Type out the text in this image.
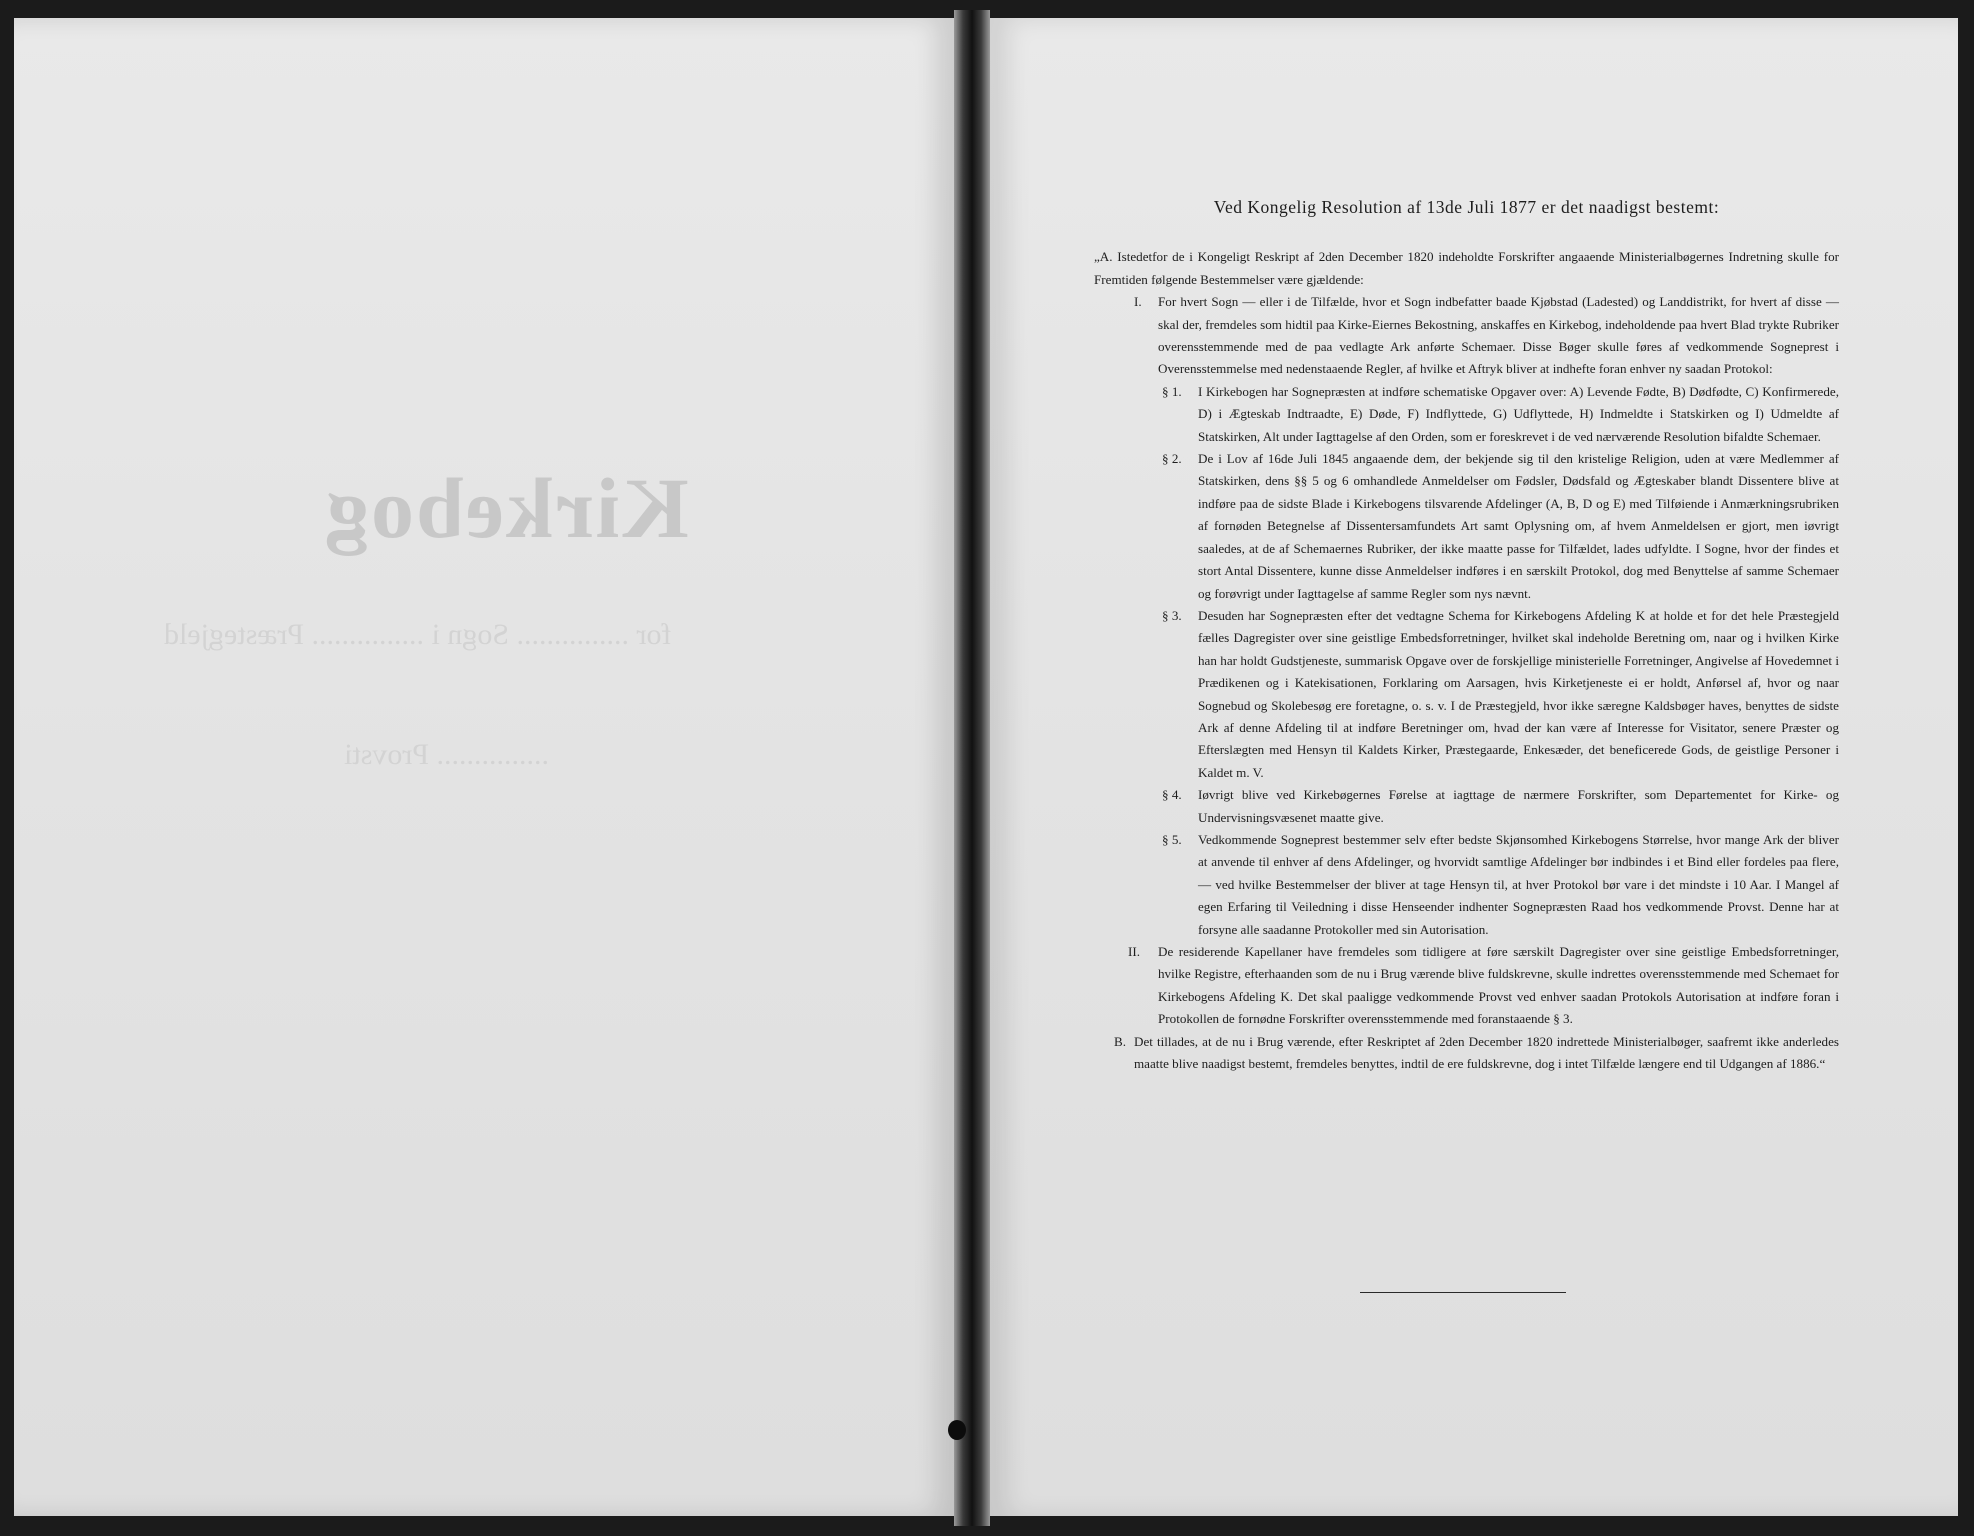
Kirkebog
for ............... Sogn i ............... Præstegjeld
............... Provsti
Ved Kongelig Resolution af 13de Juli 1877 er det naadigst bestemt:
„A. Istedetfor de i Kongeligt Reskript af 2den December 1820 indeholdte Forskrifter angaaende Ministerialbøgernes Indretning skulle for Fremtiden følgende Bestemmelser være gjældende:
I. For hvert Sogn — eller i de Tilfælde, hvor et Sogn indbefatter baade Kjøbstad (Ladested) og Landdistrikt, for hvert af disse — skal der, fremdeles som hidtil paa Kirke-Eiernes Bekostning, anskaffes en Kirkebog, indeholdende paa hvert Blad trykte Rubriker overensstemmende med de paa vedlagte Ark anførte Schemaer. Disse Bøger skulle føres af vedkommende Sogneprest i Overensstemmelse med nedenstaaende Regler, af hvilke et Aftryk bliver at indhefte foran enhver ny saadan Protokol:
§ 1. I Kirkebogen har Sognepræsten at indføre schematiske Opgaver over: A) Levende Fødte, B) Dødfødte, C) Konfirmerede, D) i Ægteskab Indtraadte, E) Døde, F) Indflyttede, G) Udflyttede, H) Indmeldte i Statskirken og I) Udmeldte af Statskirken, Alt under Iagttagelse af den Orden, som er foreskrevet i de ved nærværende Resolution bifaldte Schemaer.
§ 2. De i Lov af 16de Juli 1845 angaaende dem, der bekjende sig til den kristelige Religion, uden at være Medlemmer af Statskirken, dens §§ 5 og 6 omhandlede Anmeldelser om Fødsler, Dødsfald og Ægteskaber blandt Dissentere blive at indføre paa de sidste Blade i Kirkebogens tilsvarende Afdelinger (A, B, D og E) med Tilføiende i Anmærkningsrubriken af fornøden Betegnelse af Dissentersamfundets Art samt Oplysning om, af hvem Anmeldelsen er gjort, men iøvrigt saaledes, at de af Schemaernes Rubriker, der ikke maatte passe for Tilfældet, lades udfyldte. I Sogne, hvor der findes et stort Antal Dissentere, kunne disse Anmeldelser indføres i en særskilt Protokol, dog med Benyttelse af samme Schemaer og forøvrigt under Iagttagelse af samme Regler som nys nævnt.
§ 3. Desuden har Sognepræsten efter det vedtagne Schema for Kirkebogens Afdeling K at holde et for det hele Præstegjeld fælles Dagregister over sine geistlige Embedsforretninger, hvilket skal indeholde Beretning om, naar og i hvilken Kirke han har holdt Gudstjeneste, summarisk Opgave over de forskjellige ministerielle Forretninger, Angivelse af Hovedemnet i Prædikenen og i Katekisationen, Forklaring om Aarsagen, hvis Kirketjeneste ei er holdt, Anførsel af, hvor og naar Sognebud og Skolebesøg ere foretagne, o. s. v. I de Præstegjeld, hvor ikke særegne Kaldsbøger haves, benyttes de sidste Ark af denne Afdeling til at indføre Beretninger om, hvad der kan være af Interesse for Visitator, senere Præster og Efterslægten med Hensyn til Kaldets Kirker, Præstegaarde, Enkesæder, det beneficerede Gods, de geistlige Personer i Kaldet m. V.
§ 4. Iøvrigt blive ved Kirkebøgernes Førelse at iagttage de nærmere Forskrifter, som Departementet for Kirke- og Undervisningsvæsenet maatte give.
§ 5. Vedkommende Sogneprest bestemmer selv efter bedste Skjønsomhed Kirkebogens Størrelse, hvor mange Ark der bliver at anvende til enhver af dens Afdelinger, og hvorvidt samtlige Afdelinger bør indbindes i et Bind eller fordeles paa flere, — ved hvilke Bestemmelser der bliver at tage Hensyn til, at hver Protokol bør vare i det mindste i 10 Aar. I Mangel af egen Erfaring til Veiledning i disse Henseender indhenter Sognepræsten Raad hos vedkommende Provst. Denne har at forsyne alle saadanne Protokoller med sin Autorisation.
II. De residerende Kapellaner have fremdeles som tidligere at føre særskilt Dagregister over sine geistlige Embedsforretninger, hvilke Registre, efterhaanden som de nu i Brug værende blive fuldskrevne, skulle indrettes overensstemmende med Schemaet for Kirkebogens Afdeling K. Det skal paaligge vedkommende Provst ved enhver saadan Protokols Autorisation at indføre foran i Protokollen de fornødne Forskrifter overensstemmende med foranstaaende § 3.
B. Det tillades, at de nu i Brug værende, efter Reskriptet af 2den December 1820 indrettede Ministerialbøger, saafremt ikke anderledes maatte blive naadigst bestemt, fremdeles benyttes, indtil de ere fuldskrevne, dog i intet Tilfælde længere end til Udgangen af 1886.“
